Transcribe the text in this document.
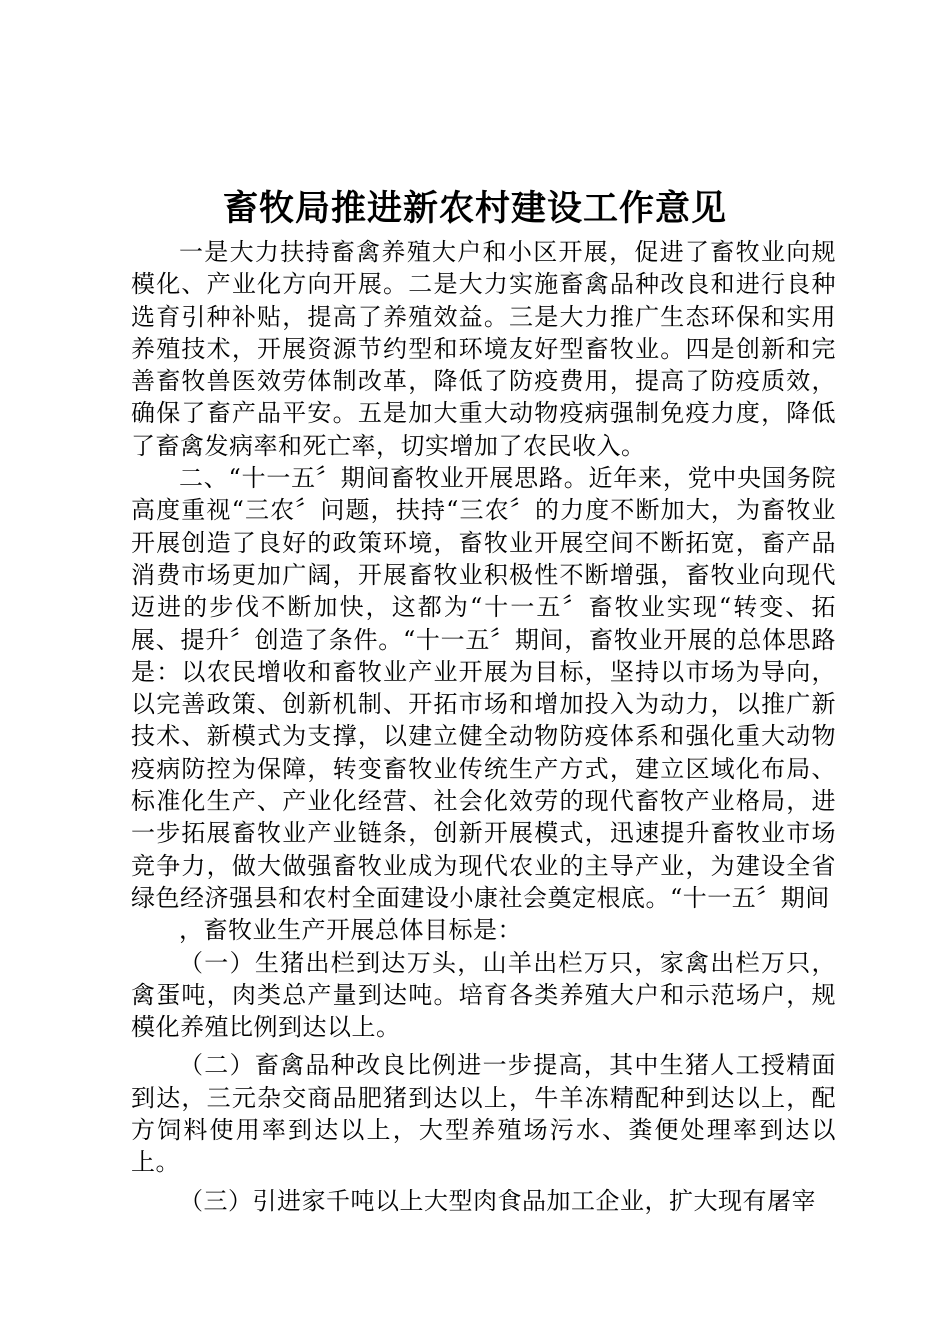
畜牧局推进新农村建设工作意见

一是大力扶持畜禽养殖大户和小区开展，促进了畜牧业向规模化、产业化方向开展。二是大力实施畜禽品种改良和进行良种选育引种补贴，提高了养殖效益。三是大力推广生态环保和实用养殖技术，开展资源节约型和环境友好型畜牧业。四是创新和完善畜牧兽医效劳体制改革，降低了防疫费用，提高了防疫质效，确保了畜产品平安。五是加大重大动物疫病强制免疫力度，降低了畜禽发病率和死亡率，切实增加了农民收入。

二、“十一五〞期间畜牧业开展思路。近年来，党中央国务院高度重视“三农〞问题，扶持“三农〞的力度不断加大，为畜牧业开展创造了良好的政策环境，畜牧业开展空间不断拓宽，畜产品消费市场更加广阔，开展畜牧业积极性不断增强，畜牧业向现代迈进的步伐不断加快，这都为“十一五〞畜牧业实现“转变、拓展、提升〞创造了条件。“十一五〞期间，畜牧业开展的总体思路是：以农民增收和畜牧业产业开展为目标，坚持以市场为导向，以完善政策、创新机制、开拓市场和增加投入为动力，以推广新技术、新模式为支撑，以建立健全动物防疫体系和强化重大动物疫病防控为保障，转变畜牧业传统生产方式，建立区域化布局、标准化生产、产业化经营、社会化效劳的现代畜牧产业格局，进一步拓展畜牧业产业链条，创新开展模式，迅速提升畜牧业市场竞争力，做大做强畜牧业成为现代农业的主导产业，为建设全省绿色经济强县和农村全面建设小康社会奠定根底。“十一五〞期间

，畜牧业生产开展总体目标是：

（一）生猪出栏到达万头，山羊出栏万只，家禽出栏万只，禽蛋吨，肉类总产量到达吨。培育各类养殖大户和示范场户，规模化养殖比例到达以上。

（二）畜禽品种改良比例进一步提高，其中生猪人工授精面到达，三元杂交商品肥猪到达以上，牛羊冻精配种到达以上，配方饲料使用率到达以上，大型养殖场污水、粪便处理率到达以上。

（三）引进家千吨以上大型肉食品加工企业，扩大现有屠宰
